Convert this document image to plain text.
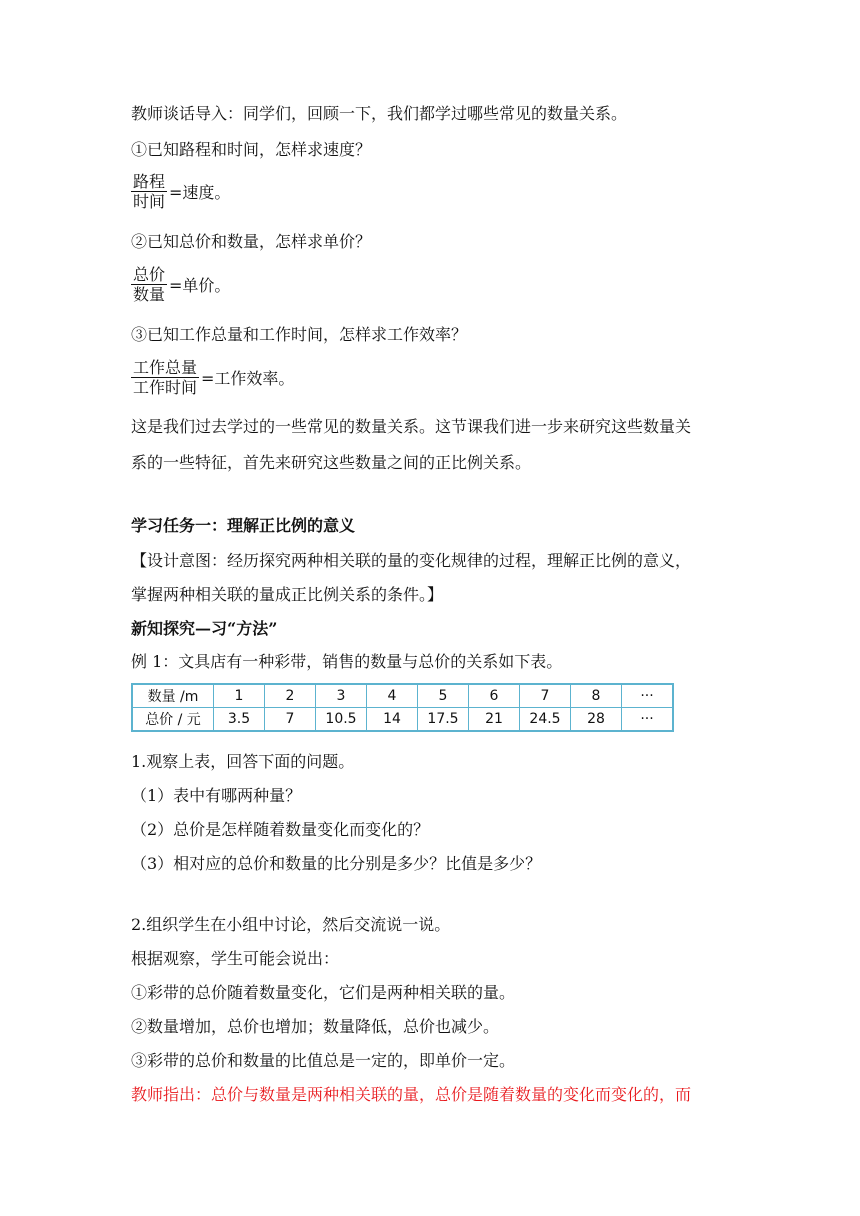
教师谈话导入：同学们，回顾一下，我们都学过哪些常见的数量关系。
①已知路程和时间，怎样求速度？
$\frac{\text{路程}}{\text{时间}}$ =速度。
②已知总价和数量，怎样求单价？
$\frac{\text{总价}}{\text{数量}}$ =单价。
③已知工作总量和工作时间，怎样求工作效率？
$\frac{\text{工作总量}}{\text{工作时间}}$ =工作效率。
这是我们过去学过的一些常见的数量关系。这节课我们进一步来研究这些数量关
系的一些特征，首先来研究这些数量之间的正比例关系。
学习任务一：理解正比例的意义
【设计意图：经历探究两种相关联的量的变化规律的过程，理解正比例的意义，
掌握两种相关联的量成正比例关系的条件。】
新知探究—习“方法”
例 1：文具店有一种彩带，销售的数量与总价的关系如下表。
数量 /m	1	2	3	4	5	6	7	8	···
总价 / 元	3.5	7	10.5	14	17.5	21	24.5	28	···
1.观察上表，回答下面的问题。
（1）表中有哪两种量？
（2）总价是怎样随着数量变化而变化的？
（3）相对应的总价和数量的比分别是多少？比值是多少？
2.组织学生在小组中讨论，然后交流说一说。
根据观察，学生可能会说出：
①彩带的总价随着数量变化，它们是两种相关联的量。
②数量增加，总价也增加；数量降低，总价也减少。
③彩带的总价和数量的比值总是一定的，即单价一定。
教师指出：总价与数量是两种相关联的量，总价是随着数量的变化而变化的，而
